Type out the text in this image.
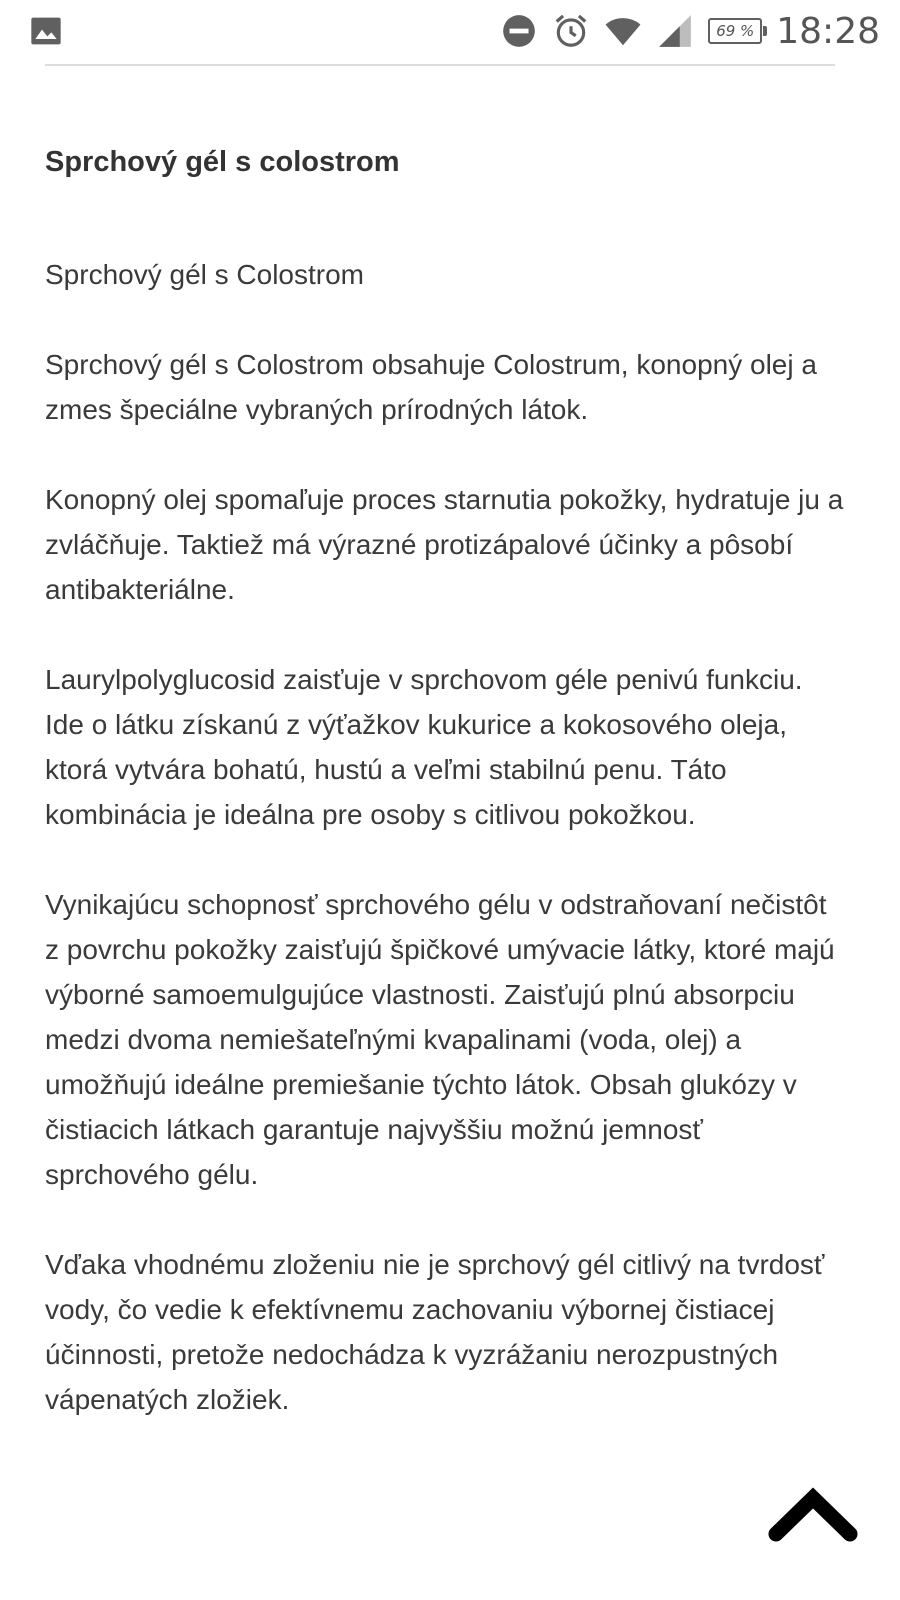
69 % 18:28
Sprchový gél s colostrom

Sprchový gél s Colostrom

Sprchový gél s Colostrom obsahuje Colostrum, konopný olej a zmes špeciálne vybraných prírodných látok.

Konopný olej spomaľuje proces starnutia pokožky, hydratuje ju a zvláčňuje. Taktiež má výrazné protizápalové účinky a pôsobí antibakteriálne.

Laurylpolyglucosid zaisťuje v sprchovom géle penivú funkciu. Ide o látku získanú z výťažkov kukurice a kokosového oleja, ktorá vytvára bohatú, hustú a veľmi stabilnú penu. Táto kombinácia je ideálna pre osoby s citlivou pokožkou.

Vynikajúcu schopnosť sprchového gélu v odstraňovaní nečistôt z povrchu pokožky zaisťujú špičkové umývacie látky, ktoré majú výborné samoemulgujúce vlastnosti. Zaisťujú plnú absorpciu medzi dvoma nemiešateľnými kvapalinami (voda, olej) a umožňujú ideálne premiešanie týchto látok. Obsah glukózy v čistiacich látkach garantuje najvyššiu možnú jemnosť sprchového gélu.

Vďaka vhodnému zloženiu nie je sprchový gél citlivý na tvrdosť vody, čo vedie k efektívnemu zachovaniu výbornej čistiacej účinnosti, pretože nedochádza k vyzrážaniu nerozpustných vápenatých zložiek.
